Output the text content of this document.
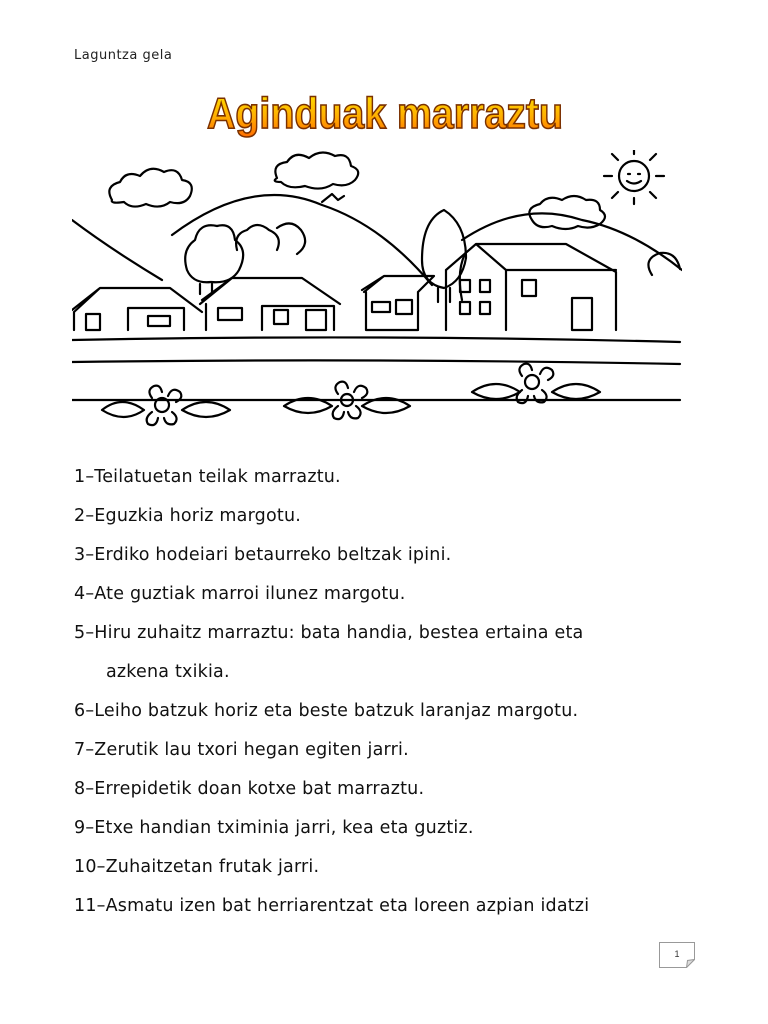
Laguntza gela
Aginduak marraztu
1–Teilatuetan teilak marraztu.
2–Eguzkia horiz margotu.
3–Erdiko hodeiari betaurreko beltzak ipini.
4–Ate guztiak marroi ilunez margotu.
5–Hiru zuhaitz marraztu: bata handia, bestea ertaina eta
azkena txikia.
6–Leiho batzuk horiz eta beste batzuk laranjaz margotu.
7–Zerutik lau txori hegan egiten jarri.
8–Errepidetik doan kotxe bat marraztu.
9–Etxe handian tximinia jarri, kea eta guztiz.
10–Zuhaitzetan frutak jarri.
11–Asmatu izen bat herriarentzat eta loreen azpian idatzi
1
